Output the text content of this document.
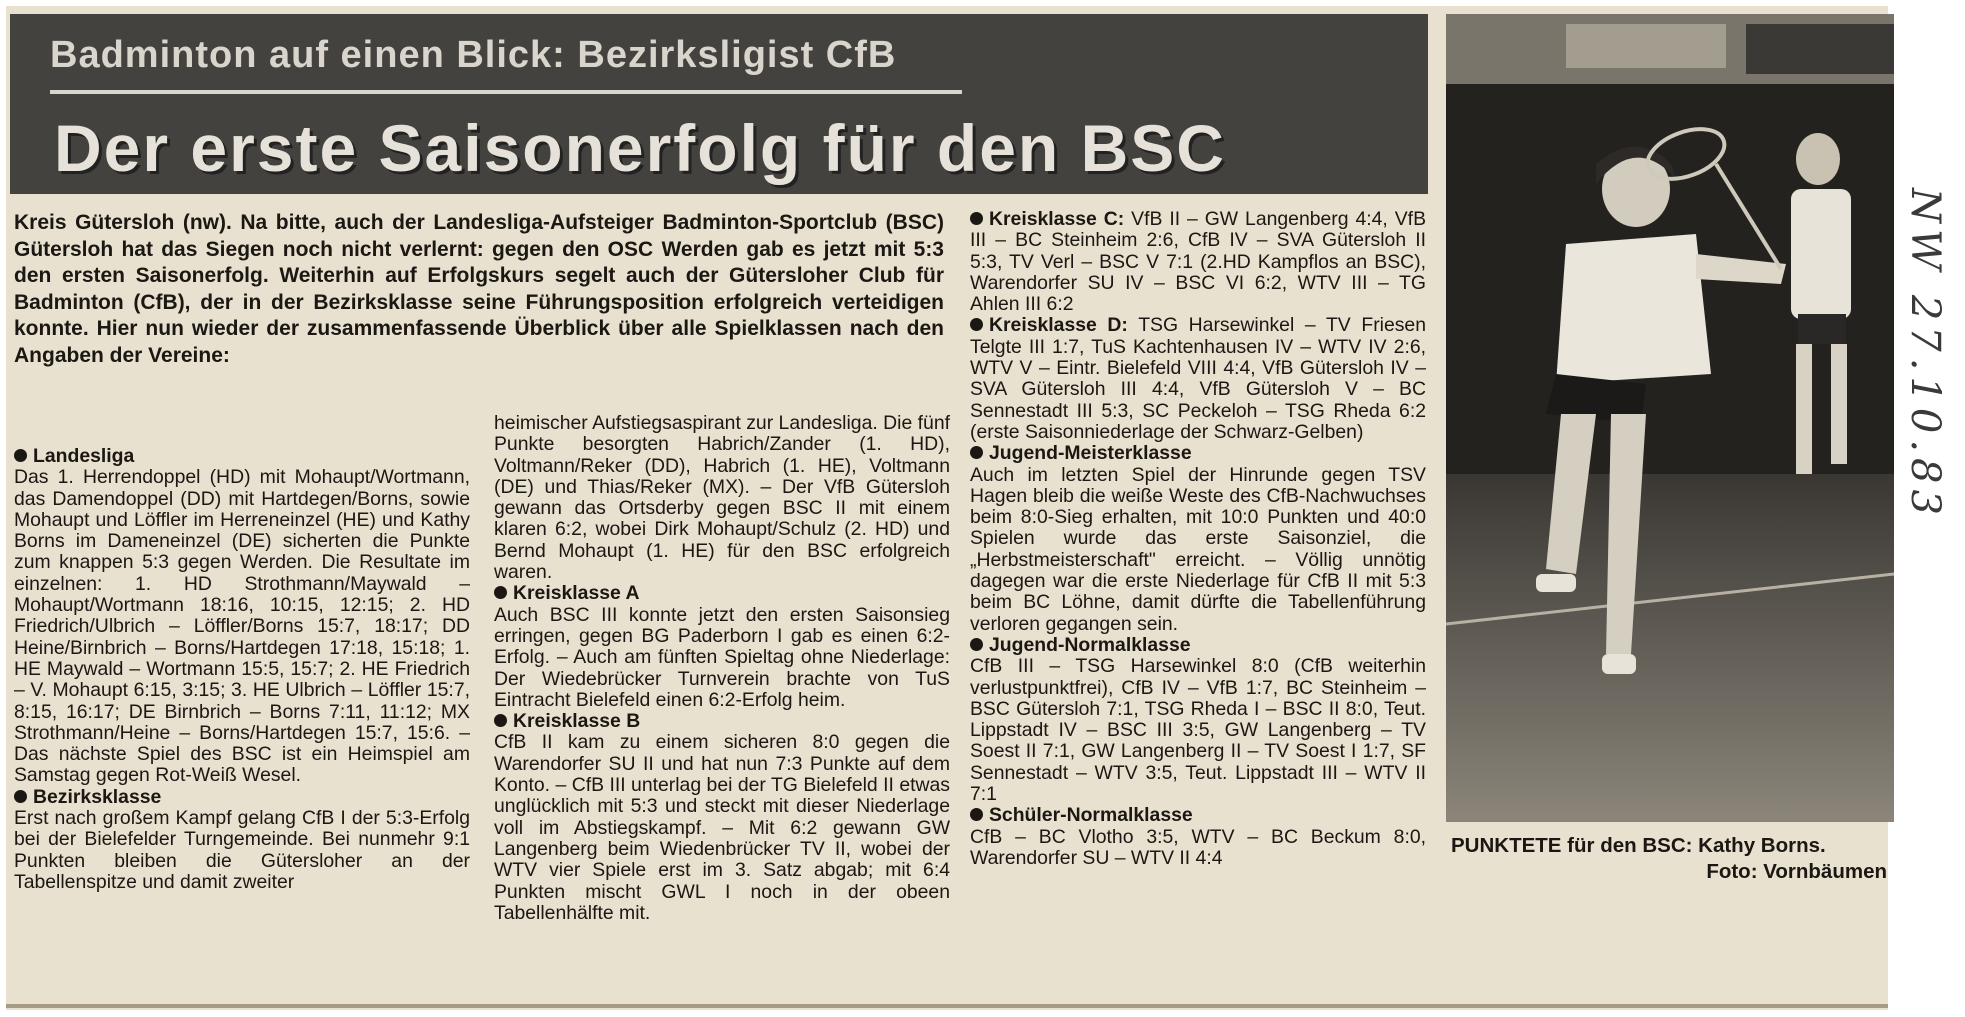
Badminton auf einen Blick: Bezirksligist CfB
Der erste Saisonerfolg für den BSC
Kreis Gütersloh (nw). Na bitte, auch der Landesliga-Aufsteiger Badminton-Sportclub (BSC) Gütersloh hat das Siegen noch nicht verlernt: gegen den OSC Werden gab es jetzt mit 5:3 den ersten Saisonerfolg. Weiterhin auf Erfolgskurs segelt auch der Gütersloher Club für Badminton (CfB), der in der Bezirksklasse seine Führungsposition erfolgreich verteidigen konnte. Hier nun wieder der zusammenfassende Überblick über alle Spielklassen nach den Angaben der Vereine:
Landesliga
Das 1. Herrendoppel (HD) mit Mohaupt/Wortmann, das Damendoppel (DD) mit Hartdegen/Borns, sowie Mohaupt und Löffler im Herreneinzel (HE) und Kathy Borns im Dameneinzel (DE) sicherten die Punkte zum knappen 5:3 gegen Werden. Die Resultate im einzelnen: 1. HD Strothmann/Maywald – Mohaupt/Wortmann 18:16, 10:15, 12:15; 2. HD Friedrich/Ulbrich – Löffler/Borns 15:7, 18:17; DD Heine/Birnbrich – Borns/Hartdegen 17:18, 15:18; 1. HE Maywald – Wortmann 15:5, 15:7; 2. HE Friedrich – V. Mohaupt 6:15, 3:15; 3. HE Ulbrich – Löffler 15:7, 8:15, 16:17; DE Birnbrich – Borns 7:11, 11:12; MX Strothmann/Heine – Borns/Hartdegen 15:7, 15:6. – Das nächste Spiel des BSC ist ein Heimspiel am Samstag gegen Rot-Weiß Wesel.
Bezirksklasse
Erst nach großem Kampf gelang CfB I der 5:3-Erfolg bei der Bielefelder Turngemeinde. Bei nunmehr 9:1 Punkten bleiben die Gütersloher an der Tabellenspitze und damit zweiter
heimischer Aufstiegsaspirant zur Landesliga. Die fünf Punkte besorgten Habrich/Zander (1. HD), Voltmann/Reker (DD), Habrich (1. HE), Voltmann (DE) und Thias/Reker (MX). – Der VfB Gütersloh gewann das Ortsderby gegen BSC II mit einem klaren 6:2, wobei Dirk Mohaupt/Schulz (2. HD) und Bernd Mohaupt (1. HE) für den BSC erfolgreich waren.
Kreisklasse A
Auch BSC III konnte jetzt den ersten Saisonsieg erringen, gegen BG Paderborn I gab es einen 6:2-Erfolg. – Auch am fünften Spieltag ohne Niederlage: Der Wiedebrücker Turnverein brachte von TuS Eintracht Bielefeld einen 6:2-Erfolg heim.
Kreisklasse B
CfB II kam zu einem sicheren 8:0 gegen die Warendorfer SU II und hat nun 7:3 Punkte auf dem Konto. – CfB III unterlag bei der TG Bielefeld II etwas unglücklich mit 5:3 und steckt mit dieser Niederlage voll im Abstiegskampf. – Mit 6:2 gewann GW Langenberg beim Wiedenbrücker TV II, wobei der WTV vier Spiele erst im 3. Satz abgab; mit 6:4 Punkten mischt GWL I noch in der obeen Tabellenhälfte mit.
Kreisklasse C: VfB II – GW Langenberg 4:4, VfB III – BC Steinheim 2:6, CfB IV – SVA Gütersloh II 5:3, TV Verl – BSC V 7:1 (2.HD Kampflos an BSC), Warendorfer SU IV – BSC VI 6:2, WTV III – TG Ahlen III 6:2
Kreisklasse D: TSG Harsewinkel – TV Friesen Telgte III 1:7, TuS Kachtenhausen IV – WTV IV 2:6, WTV V – Eintr. Bielefeld VIII 4:4, VfB Gütersloh IV – SVA Gütersloh III 4:4, VfB Gütersloh V – BC Sennestadt III 5:3, SC Peckeloh – TSG Rheda 6:2 (erste Saisonniederlage der Schwarz-Gelben)
Jugend-Meisterklasse
Auch im letzten Spiel der Hinrunde gegen TSV Hagen bleib die weiße Weste des CfB-Nachwuchses beim 8:0-Sieg erhalten, mit 10:0 Punkten und 40:0 Spielen wurde das erste Saisonziel, die „Herbstmeisterschaft" erreicht. – Völlig unnötig dagegen war die erste Niederlage für CfB II mit 5:3 beim BC Löhne, damit dürfte die Tabellenführung verloren gegangen sein.
Jugend-Normalklasse
CfB III – TSG Harsewinkel 8:0 (CfB weiterhin verlustpunktfrei), CfB IV – VfB 1:7, BC Steinheim – BSC Gütersloh 7:1, TSG Rheda I – BSC II 8:0, Teut. Lippstadt IV – BSC III 3:5, GW Langenberg – TV Soest II 7:1, GW Langenberg II – TV Soest I 1:7, SF Sennestadt – WTV 3:5, Teut. Lippstadt III – WTV II 7:1
Schüler-Normalklasse
CfB – BC Vlotho 3:5, WTV – BC Beckum 8:0, Warendorfer SU – WTV II 4:4
PUNKTETE für den BSC: Kathy Borns.
Foto: Vornbäumen
NW 27.10.83
